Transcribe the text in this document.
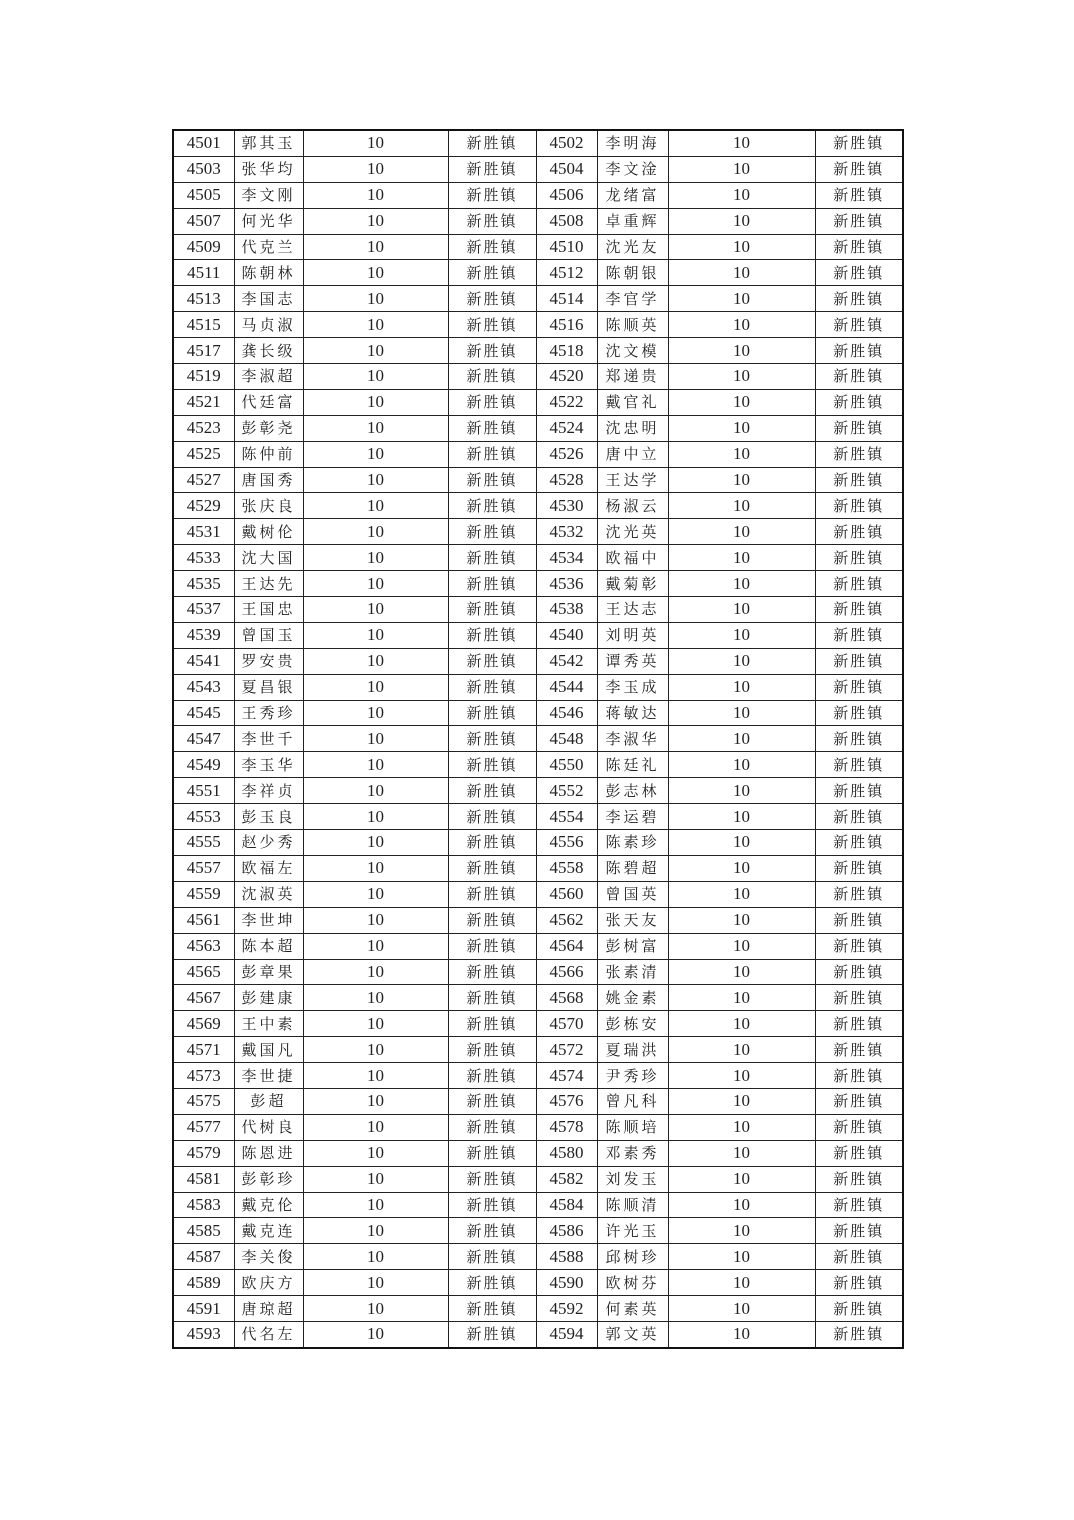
4501	郭其玉	10	新胜镇	4502	李明海	10	新胜镇
4503	张华均	10	新胜镇	4504	李文淦	10	新胜镇
4505	李文刚	10	新胜镇	4506	龙绪富	10	新胜镇
4507	何光华	10	新胜镇	4508	卓重辉	10	新胜镇
4509	代克兰	10	新胜镇	4510	沈光友	10	新胜镇
4511	陈朝林	10	新胜镇	4512	陈朝银	10	新胜镇
4513	李国志	10	新胜镇	4514	李官学	10	新胜镇
4515	马贞淑	10	新胜镇	4516	陈顺英	10	新胜镇
4517	龚长级	10	新胜镇	4518	沈文模	10	新胜镇
4519	李淑超	10	新胜镇	4520	郑递贵	10	新胜镇
4521	代廷富	10	新胜镇	4522	戴官礼	10	新胜镇
4523	彭彰尧	10	新胜镇	4524	沈忠明	10	新胜镇
4525	陈仲前	10	新胜镇	4526	唐中立	10	新胜镇
4527	唐国秀	10	新胜镇	4528	王达学	10	新胜镇
4529	张庆良	10	新胜镇	4530	杨淑云	10	新胜镇
4531	戴树伦	10	新胜镇	4532	沈光英	10	新胜镇
4533	沈大国	10	新胜镇	4534	欧福中	10	新胜镇
4535	王达先	10	新胜镇	4536	戴菊彰	10	新胜镇
4537	王国忠	10	新胜镇	4538	王达志	10	新胜镇
4539	曾国玉	10	新胜镇	4540	刘明英	10	新胜镇
4541	罗安贵	10	新胜镇	4542	谭秀英	10	新胜镇
4543	夏昌银	10	新胜镇	4544	李玉成	10	新胜镇
4545	王秀珍	10	新胜镇	4546	蒋敏达	10	新胜镇
4547	李世千	10	新胜镇	4548	李淑华	10	新胜镇
4549	李玉华	10	新胜镇	4550	陈廷礼	10	新胜镇
4551	李祥贞	10	新胜镇	4552	彭志林	10	新胜镇
4553	彭玉良	10	新胜镇	4554	李运碧	10	新胜镇
4555	赵少秀	10	新胜镇	4556	陈素珍	10	新胜镇
4557	欧福左	10	新胜镇	4558	陈碧超	10	新胜镇
4559	沈淑英	10	新胜镇	4560	曾国英	10	新胜镇
4561	李世坤	10	新胜镇	4562	张天友	10	新胜镇
4563	陈本超	10	新胜镇	4564	彭树富	10	新胜镇
4565	彭章果	10	新胜镇	4566	张素清	10	新胜镇
4567	彭建康	10	新胜镇	4568	姚金素	10	新胜镇
4569	王中素	10	新胜镇	4570	彭栋安	10	新胜镇
4571	戴国凡	10	新胜镇	4572	夏瑞洪	10	新胜镇
4573	李世捷	10	新胜镇	4574	尹秀珍	10	新胜镇
4575	彭超	10	新胜镇	4576	曾凡科	10	新胜镇
4577	代树良	10	新胜镇	4578	陈顺培	10	新胜镇
4579	陈恩进	10	新胜镇	4580	邓素秀	10	新胜镇
4581	彭彰珍	10	新胜镇	4582	刘发玉	10	新胜镇
4583	戴克伦	10	新胜镇	4584	陈顺清	10	新胜镇
4585	戴克连	10	新胜镇	4586	许光玉	10	新胜镇
4587	李关俊	10	新胜镇	4588	邱树珍	10	新胜镇
4589	欧庆方	10	新胜镇	4590	欧树芬	10	新胜镇
4591	唐琼超	10	新胜镇	4592	何素英	10	新胜镇
4593	代名左	10	新胜镇	4594	郭文英	10	新胜镇
